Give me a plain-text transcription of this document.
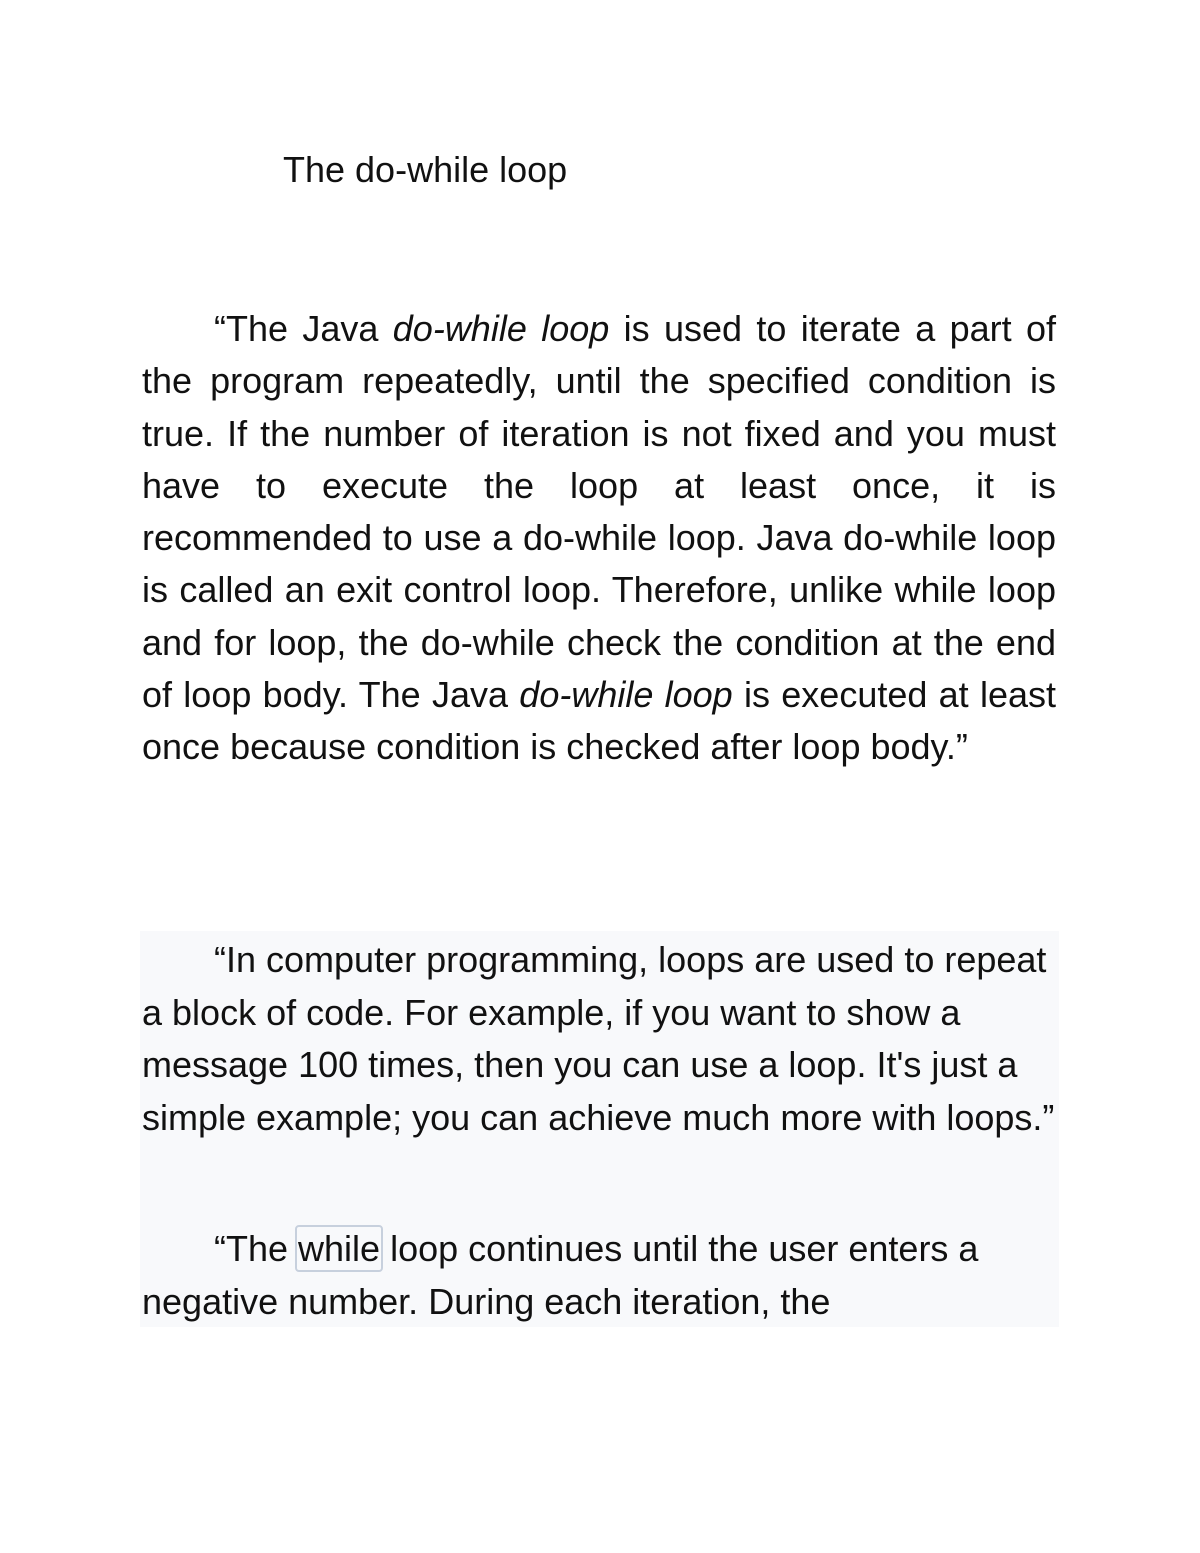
The do-while loop

“The Java do-while loop is used to iterate a part of the program repeatedly, until the specified condition is true. If the number of iteration is not fixed and you must have to execute the loop at least once, it is recommended to use a do-while loop. Java do-while loop is called an exit control loop. Therefore, unlike while loop and for loop, the do-while check the condition at the end of loop body. The Java do-while loop is executed at least once because condition is checked after loop body.”

“In computer programming, loops are used to repeat a block of code. For example, if you want to show a message 100 times, then you can use a loop. It's just a simple example; you can achieve much more with loops.”

“The while loop continues until the user enters a negative number. During each iteration, the
